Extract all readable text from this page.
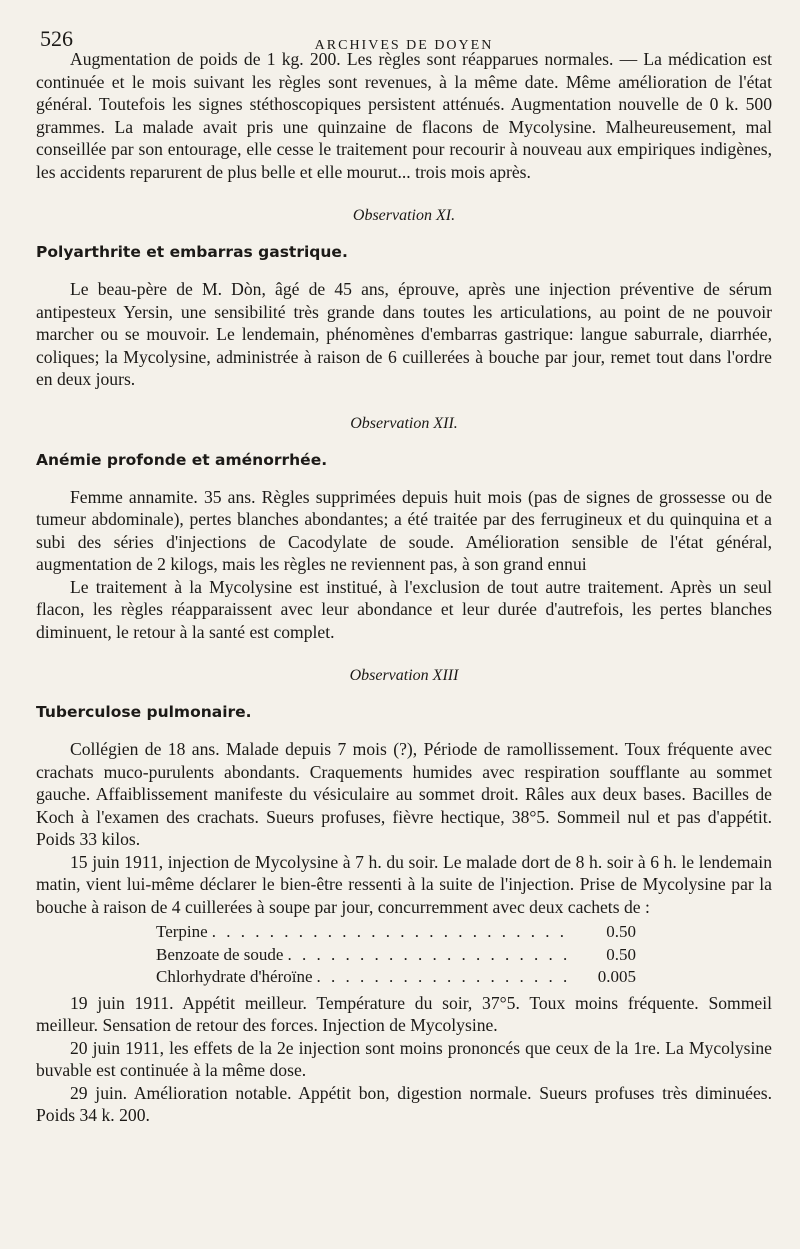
526	ARCHIVES DE DOYEN

Augmentation de poids de 1 kg. 200. Les règles sont réapparues normales. — La médication est continuée et le mois suivant les règles sont revenues, à la même date. Même amélioration de l'état général. Toutefois les signes stéthoscopiques persistent atténués. Augmentation nouvelle de 0 k. 500 grammes. La malade avait pris une quinzaine de flacons de Mycolysine. Malheureusement, mal conseillée par son entourage, elle cesse le traitement pour recourir à nouveau aux empiriques indigènes, les accidents reparurent de plus belle et elle mourut... trois mois après.

Observation XI.
Polyarthrite et embarras gastrique.

Le beau-père de M. Dòn, âgé de 45 ans, éprouve, après une injection préventive de sérum antipesteux Yersin, une sensibilité très grande dans toutes les articulations, au point de ne pouvoir marcher ou se mouvoir. Le lendemain, phénomènes d'embarras gastrique: langue saburrale, diarrhée, coliques; la Mycolysine, administrée à raison de 6 cuillerées à bouche par jour, remet tout dans l'ordre en deux jours.

Observation XII.
Anémie profonde et aménorrhée.

Femme annamite. 35 ans. Règles supprimées depuis huit mois (pas de signes de grossesse ou de tumeur abdominale), pertes blanches abondantes; a été traitée par des ferrugineux et du quinquina et a subi des séries d'injections de Cacodylate de soude. Amélioration sensible de l'état général, augmentation de 2 kilogs, mais les règles ne reviennent pas, à son grand ennui

Le traitement à la Mycolysine est institué, à l'exclusion de tout autre traitement. Après un seul flacon, les règles réapparaissent avec leur abondance et leur durée d'autrefois, les pertes blanches diminuent, le retour à la santé est complet.

Observation XIII
Tuberculose pulmonaire.

Collégien de 18 ans. Malade depuis 7 mois (?), Période de ramollissement. Toux fréquente avec crachats muco-purulents abondants. Craquements humides avec respiration soufflante au sommet gauche. Affaiblissement manifeste du vésiculaire au sommet droit. Râles aux deux bases. Bacilles de Koch à l'examen des crachats. Sueurs profuses, fièvre hectique, 38°5. Sommeil nul et pas d'appétit. Poids 33 kilos.

15 juin 1911, injection de Mycolysine à 7 h. du soir. Le malade dort de 8 h. soir à 6 h. le lendemain matin, vient lui-même déclarer le bien-être ressenti à la suite de l'injection. Prise de Mycolysine par la bouche à raison de 4 cuillerées à soupe par jour, concurremment avec deux cachets de :

Terpine . . .	0.50
Benzoate de soude . . .	0.50
Chlorhydrate d'héroïne . . .	0.005

19 juin 1911. Appétit meilleur. Température du soir, 37°5. Toux moins fréquente. Sommeil meilleur. Sensation de retour des forces. Injection de Mycolysine.

20 juin 1911, les effets de la 2e injection sont moins prononcés que ceux de la 1re. La Mycolysine buvable est continuée à la même dose.

29 juin. Amélioration notable. Appétit bon, digestion normale. Sueurs profuses très diminuées. Poids 34 k. 200.
